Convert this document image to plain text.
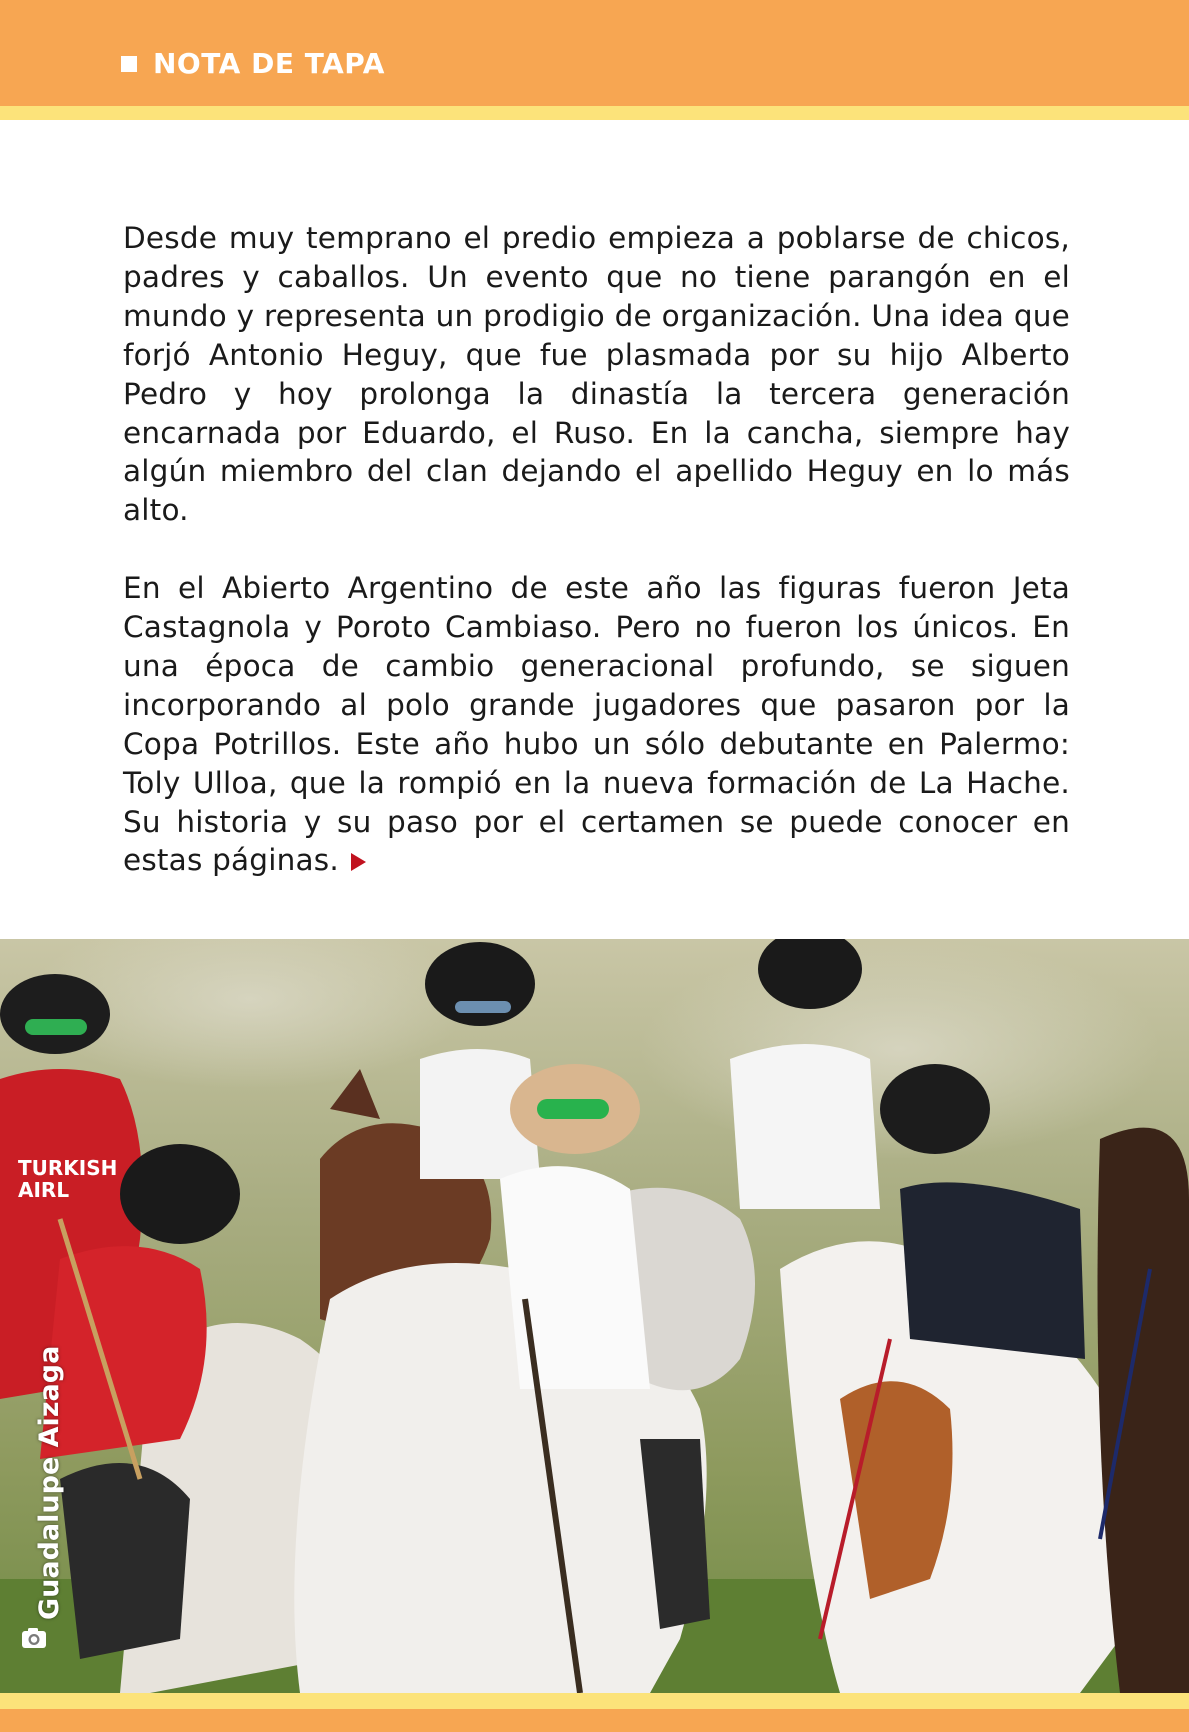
NOTA DE TAPA

Desde muy temprano el predio empieza a poblarse de chicos, padres y caballos. Un evento que no tiene parangón en el mundo y representa un prodigio de organización. Una idea que forjó Antonio Heguy, que fue plasmada por su hijo Alberto Pedro y hoy prolonga la dinastía la tercera generación encarnada por Eduardo, el Ruso. En la cancha, siempre hay algún miembro del clan dejando el apellido Heguy en lo más alto.

En el Abierto Argentino de este año las figuras fueron Jeta Castagnola y Poroto Cambiaso. Pero no fueron los únicos. En una época de cambio generacional profundo, se siguen incorporando al polo grande jugadores que pasaron por la Copa Potrillos. Este año hubo un sólo debutante en Palermo: Toly Ulloa, que la rompió en la nueva formación de La Hache. Su historia y su paso por el certamen se puede conocer en estas páginas.

TURKISH
AIRL
Guadalupe Aizaga
